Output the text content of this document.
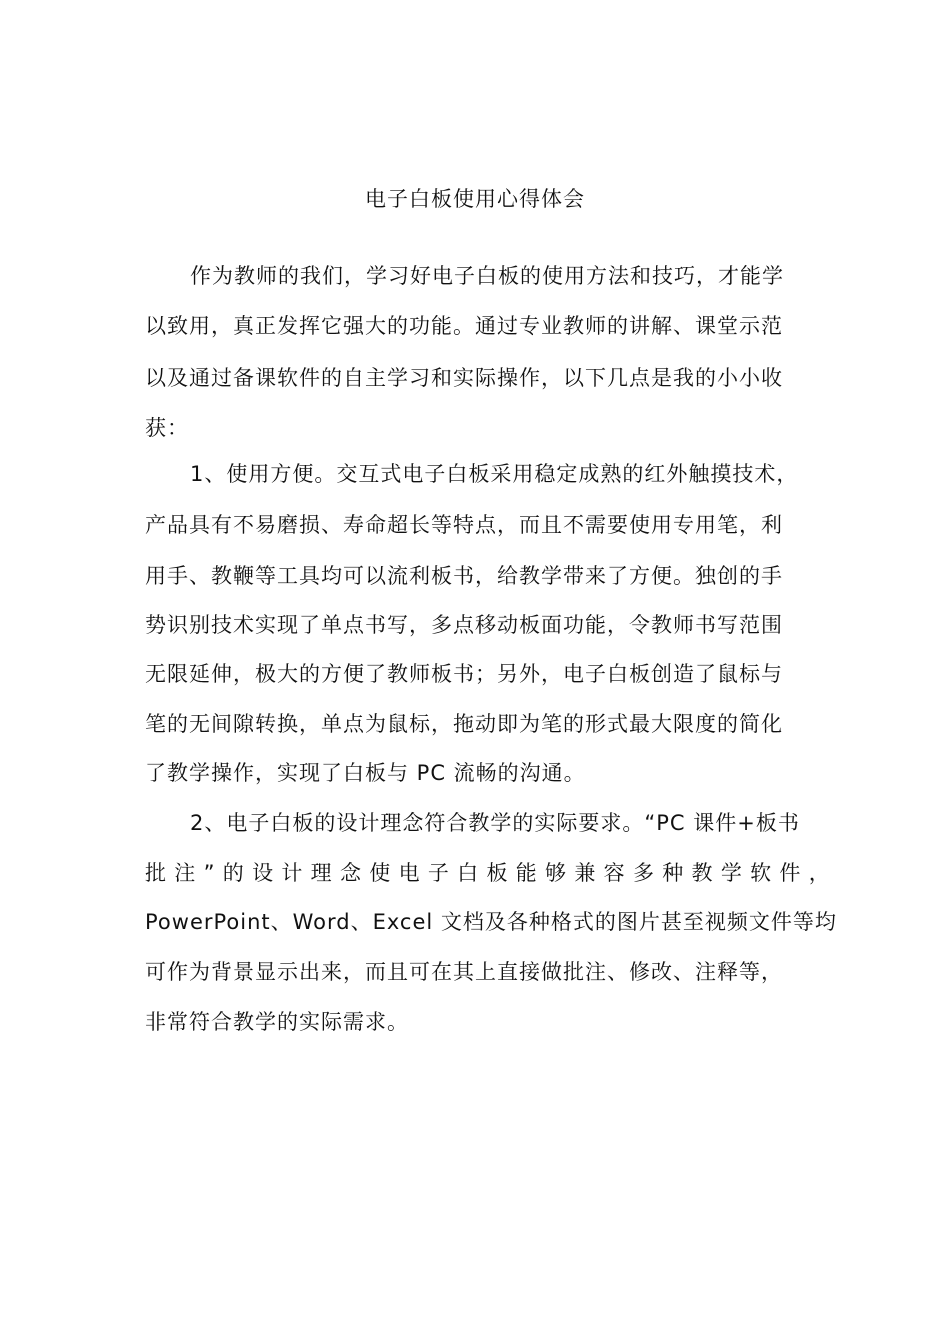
电子白板使用心得体会
作为教师的我们，学习好电子白板的使用方法和技巧，才能学
以致用，真正发挥它强大的功能。通过专业教师的讲解、课堂示范
以及通过备课软件的自主学习和实际操作，以下几点是我的小小收
获：
1、使用方便。交互式电子白板采用稳定成熟的红外触摸技术，
产品具有不易磨损、寿命超长等特点，而且不需要使用专用笔，利
用手、教鞭等工具均可以流利板书，给教学带来了方便。独创的手
势识别技术实现了单点书写，多点移动板面功能，令教师书写范围
无限延伸，极大的方便了教师板书；另外，电子白板创造了鼠标与
笔的无间隙转换，单点为鼠标，拖动即为笔的形式最大限度的简化
了教学操作，实现了白板与 PC 流畅的沟通。
2、电子白板的设计理念符合教学的实际要求。“PC 课件+板书
批 注 ” 的 设 计 理 念 使 电 子 白 板 能 够 兼 容 多 种 教 学 软 件 ，
PowerPoint、Word、Excel 文档及各种格式的图片甚至视频文件等均
可作为背景显示出来，而且可在其上直接做批注、修改、注释等，
非常符合教学的实际需求。
